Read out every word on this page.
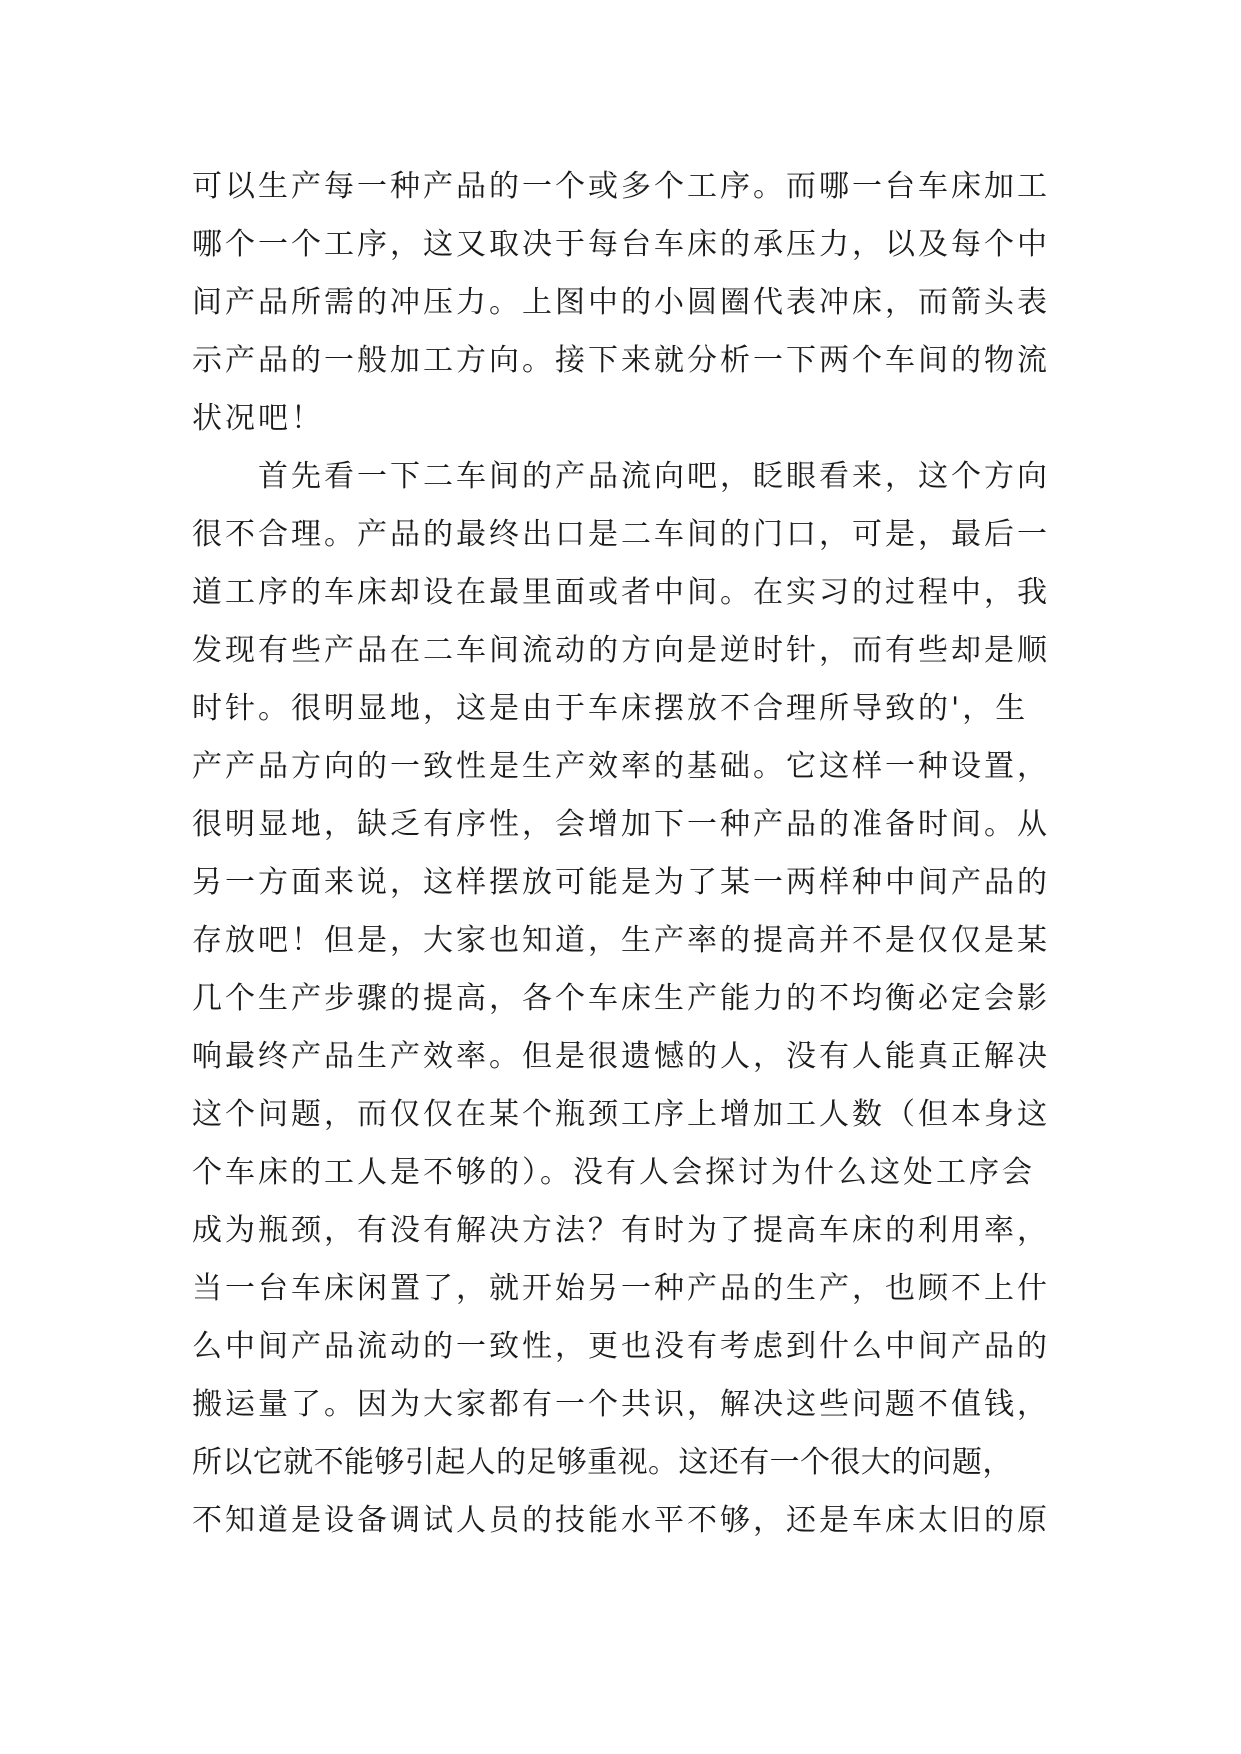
可以生产每一种产品的一个或多个工序。而哪一台车床加工
哪个一个工序，这又取决于每台车床的承压力，以及每个中
间产品所需的冲压力。上图中的小圆圈代表冲床，而箭头表
示产品的一般加工方向。接下来就分析一下两个车间的物流
状况吧！
　　首先看一下二车间的产品流向吧，眨眼看来，这个方向
很不合理。产品的最终出口是二车间的门口，可是，最后一
道工序的车床却设在最里面或者中间。在实习的过程中，我
发现有些产品在二车间流动的方向是逆时针，而有些却是顺
时针。很明显地，这是由于车床摆放不合理所导致的'，生
产产品方向的一致性是生产效率的基础。它这样一种设置，
很明显地，缺乏有序性，会增加下一种产品的准备时间。从
另一方面来说，这样摆放可能是为了某一两样种中间产品的
存放吧！但是，大家也知道，生产率的提高并不是仅仅是某
几个生产步骤的提高，各个车床生产能力的不均衡必定会影
响最终产品生产效率。但是很遗憾的人，没有人能真正解决
这个问题，而仅仅在某个瓶颈工序上增加工人数（但本身这
个车床的工人是不够的）。没有人会探讨为什么这处工序会
成为瓶颈，有没有解决方法？有时为了提高车床的利用率，
当一台车床闲置了，就开始另一种产品的生产，也顾不上什
么中间产品流动的一致性，更也没有考虑到什么中间产品的
搬运量了。因为大家都有一个共识，解决这些问题不值钱，
所以它就不能够引起人的足够重视。这还有一个很大的问题，
不知道是设备调试人员的技能水平不够，还是车床太旧的原
